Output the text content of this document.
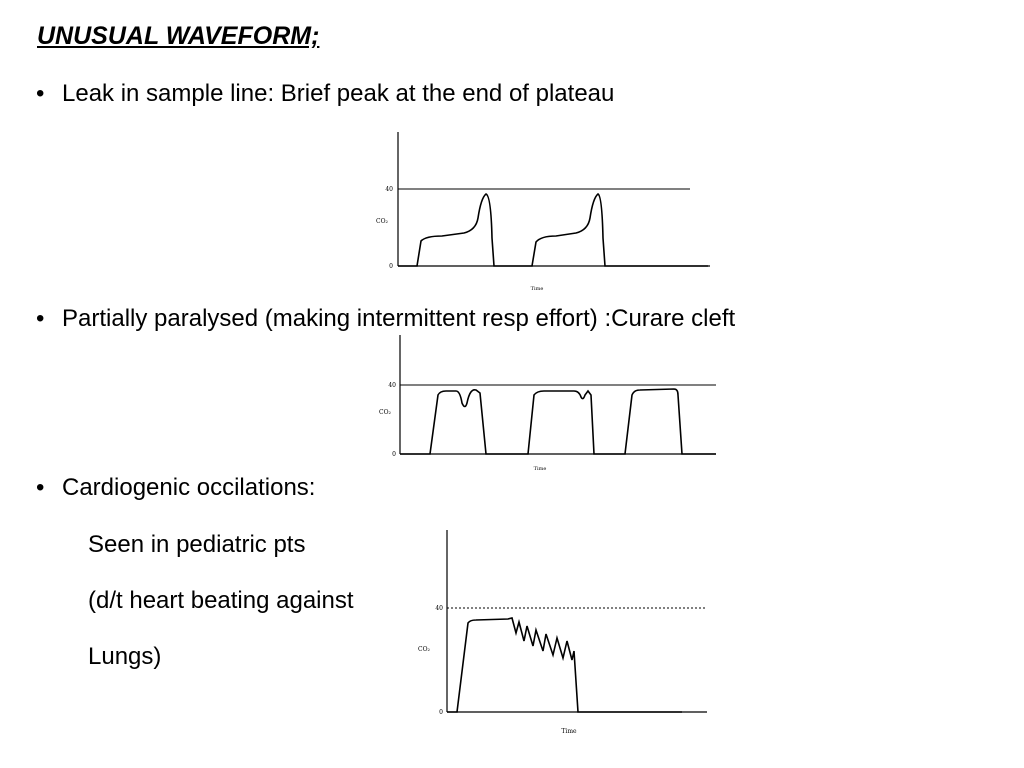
UNUSUAL WAVEFORM;
• Leak in sample line: Brief peak at the end of plateau
40
0
CO₂
Time
• Partially paralysed (making intermittent resp effort) :Curare cleft
40
0
CO₂
Time
• Cardiogenic occilations:
Seen in pediatric pts
(d/t heart beating against
Lungs)
40
0
CO₂
Time
